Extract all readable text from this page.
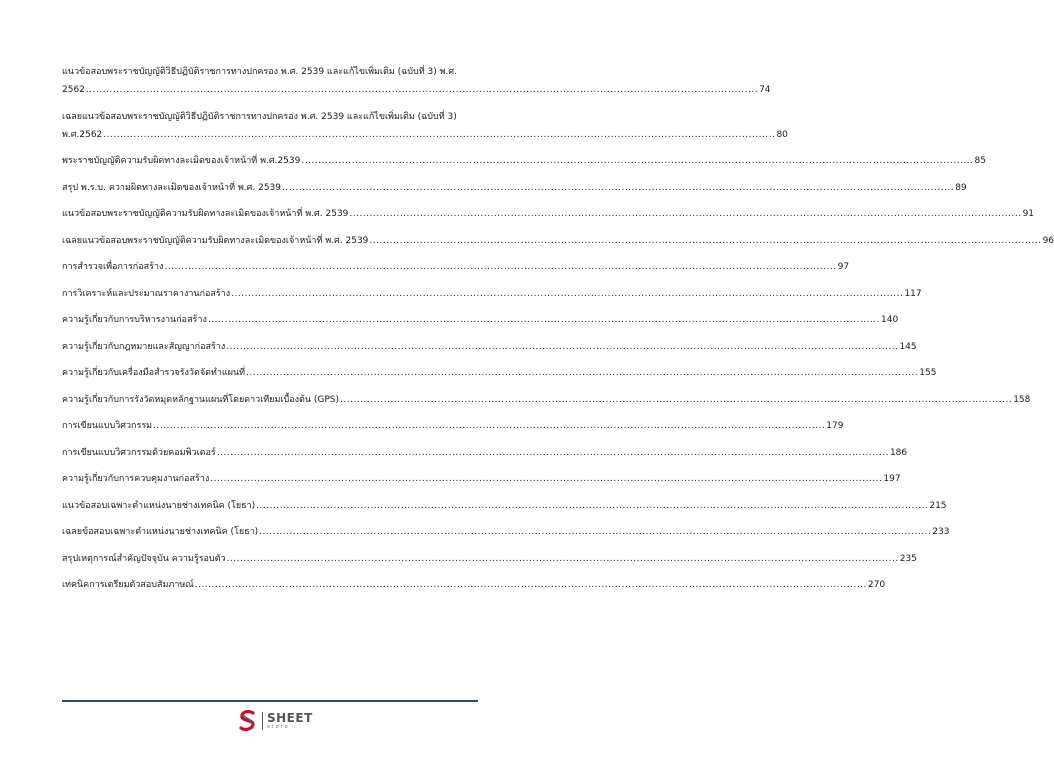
แนวข้อสอบพระราชบัญญัติวิธีปฏิบัติราชการทางปกครอง พ.ศ. 2539 และแก้ไขเพิ่มเติม (ฉบับที่ 3) พ.ศ.
2562 ........................................................................................................................................................................................................ 74
เฉลยแนวข้อสอบพระราชบัญญัติวิธีปฏิบัติราชการทางปกครอง พ.ศ. 2539 และแก้ไขเพิ่มเติม (ฉบับที่ 3)
พ.ศ.2562 ........................................................................................................................................................................................................ 80
พระราชบัญญัติความรับผิดทางละเมิดของเจ้าหน้าที่ พ.ศ.2539 ........................................................................................................................................................................................................ 85
สรุป พ.ร.บ. ความผิดทางละเมิดของเจ้าหน้าที่ พ.ศ. 2539 ........................................................................................................................................................................................................ 89
แนวข้อสอบพระราชบัญญัติความรับผิดทางละเมิดของเจ้าหน้าที่ พ.ศ. 2539 ........................................................................................................................................................................................................ 91
เฉลยแนวข้อสอบพระราชบัญญัติความรับผิดทางละเมิดของเจ้าหน้าที่ พ.ศ. 2539 ........................................................................................................................................................................................................ 96
การสำรวจเพื่อการก่อสร้าง ........................................................................................................................................................................................................ 97
การวิเคราะห์และประมาณราคางานก่อสร้าง ........................................................................................................................................................................................................ 117
ความรู้เกี่ยวกับการบริหารงานก่อสร้าง ........................................................................................................................................................................................................ 140
ความรู้เกี่ยวกับกฎหมายและสัญญาก่อสร้าง ........................................................................................................................................................................................................ 145
ความรู้เกี่ยวกับเครื่องมือสำรวจรังวัดจัดทำแผนที่ ........................................................................................................................................................................................................ 155
ความรู้เกี่ยวกับการรังวัดหมุดหลักฐานแผนที่โดยดาวเทียมเบื้องต้น (GPS) ........................................................................................................................................................................................................ 158
การเขียนแบบวิศวกรรม ........................................................................................................................................................................................................ 179
การเขียนแบบวิศวกรรมด้วยคอมพิวเตอร์ ........................................................................................................................................................................................................ 186
ความรู้เกี่ยวกับการควบคุมงานก่อสร้าง ........................................................................................................................................................................................................ 197
แนวข้อสอบเฉพาะตำแหน่งนายช่างเทคนิค (โยธา) ........................................................................................................................................................................................................ 215
เฉลยข้อสอบเฉพาะตำแหน่งนายช่างเทคนิค (โยธา) ........................................................................................................................................................................................................ 233
สรุปเหตุการณ์สำคัญปัจจุบัน ความรู้รอบตัว ........................................................................................................................................................................................................ 235
เทคนิคการเตรียมตัวสอบสัมภาษณ์ ........................................................................................................................................................................................................ 270
SHEET
store
